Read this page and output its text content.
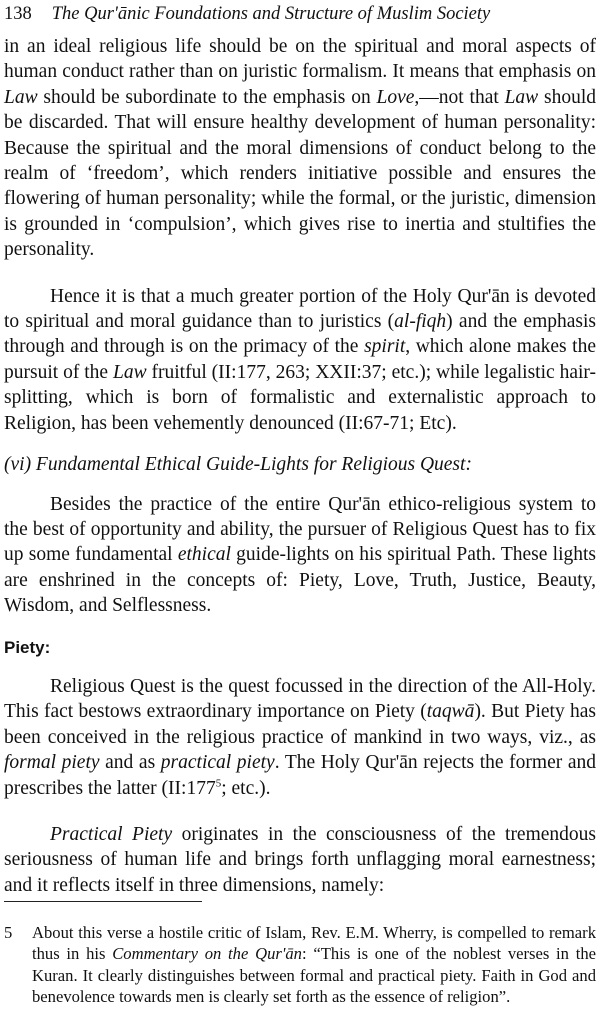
138 The Qur'ānic Foundations and Structure of Muslim Society

in an ideal religious life should be on the spiritual and moral aspects of human conduct rather than on juristic formalism. It means that emphasis on Law should be subordinate to the emphasis on Love,—not that Law should be discarded. That will ensure healthy development of human personality: Because the spiritual and the moral dimensions of conduct belong to the realm of ‘freedom’, which renders initiative possible and ensures the flowering of human personality; while the formal, or the juristic, dimension is grounded in ‘compulsion’, which gives rise to inertia and stultifies the personality.

Hence it is that a much greater portion of the Holy Qur'ān is devoted to spiritual and moral guidance than to juristics (al-fiqh) and the emphasis through and through is on the primacy of the spirit, which alone makes the pursuit of the Law fruitful (II:177, 263; XXII:37; etc.); while legalistic hair-splitting, which is born of formalistic and externalistic approach to Religion, has been vehemently denounced (II:67-71; Etc).

(vi) Fundamental Ethical Guide-Lights for Religious Quest:

Besides the practice of the entire Qur'ān ethico-religious system to the best of opportunity and ability, the pursuer of Religious Quest has to fix up some fundamental ethical guide-lights on his spiritual Path. These lights are enshrined in the concepts of: Piety, Love, Truth, Justice, Beauty, Wisdom, and Selflessness.

Piety:

Religious Quest is the quest focussed in the direction of the All-Holy. This fact bestows extraordinary importance on Piety (taqwā). But Piety has been conceived in the religious practice of mankind in two ways, viz., as formal piety and as practical piety. The Holy Qur'ān rejects the former and prescribes the latter ($II:177^5$; etc.).

Practical Piety originates in the consciousness of the tremendous seriousness of human life and brings forth unflagging moral earnestness; and it reflects itself in three dimensions, namely:

5 About this verse a hostile critic of Islam, Rev. E.M. Wherry, is compelled to remark thus in his Commentary on the Qur'ān: “This is one of the noblest verses in the Kuran. It clearly distinguishes between formal and practical piety. Faith in God and benevolence towards men is clearly set forth as the essence of religion”.
